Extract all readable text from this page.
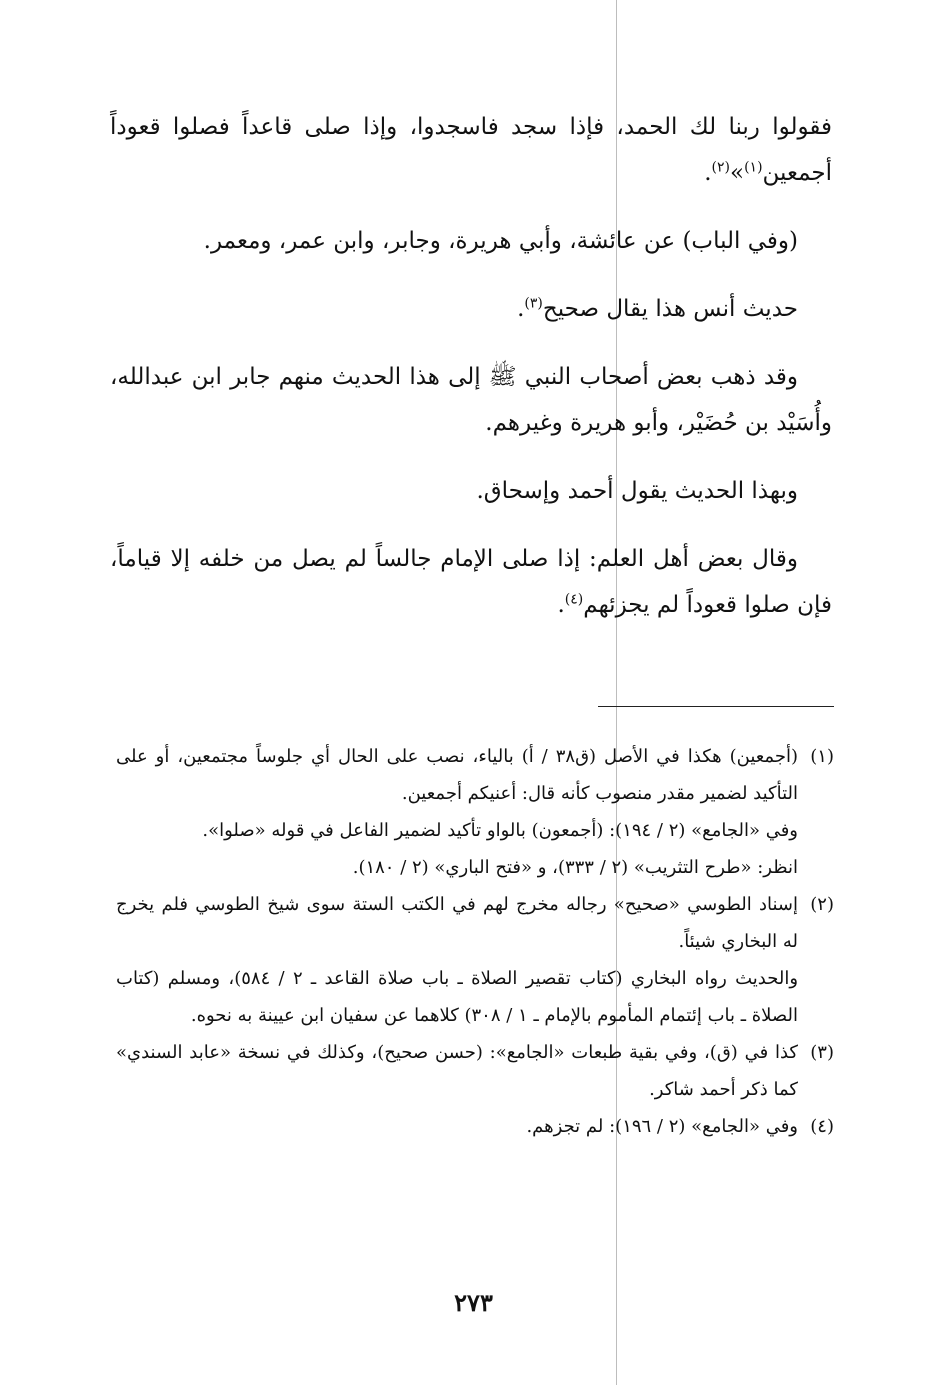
فقولوا ربنا لك الحمد، فإذا سجد فاسجدوا، وإذا صلى قاعداً فصلوا قعوداً أجمعين$^{(١)}$»$^{(٢)}$.

(وفي الباب) عن عائشة، وأبي هريرة، وجابر، وابن عمر، ومعمر.

حديث أنس هذا يقال صحيح$^{(٣)}$.

وقد ذهب بعض أصحاب النبي ﷺ إلى هذا الحديث منهم جابر ابن عبدالله، وأُسَيْد بن حُضَيْر، وأبو هريرة وغيرهم.

وبهذا الحديث يقول أحمد وإسحاق.

وقال بعض أهل العلم: إذا صلى الإمام جالساً لم يصل من خلفه إلا قياماً، فإن صلوا قعوداً لم يجزئهم$^{(٤)}$.

(١)

(أجمعين) هكذا في الأصل (ق٣٨ / أ) بالياء، نصب على الحال أي جلوساً مجتمعين، أو على التأكيد لضمير مقدر منصوب كأنه قال: أعنيكم أجمعين.

وفي «الجامع» (٢ / ١٩٤): (أجمعون) بالواو تأكيد لضمير الفاعل في قوله «صلوا».

انظر: «طرح التثريب» (٢ / ٣٣٣)، و «فتح الباري» (٢ / ١٨٠).

(٢)

إسناد الطوسي «صحيح» رجاله مخرج لهم في الكتب الستة سوى شيخ الطوسي فلم يخرج له البخاري شيئاً.

والحديث رواه البخاري (كتاب تقصير الصلاة ـ باب صلاة القاعد ـ ٢ / ٥٨٤)، ومسلم (كتاب الصلاة ـ باب إئتمام المأموم بالإمام ـ ١ / ٣٠٨) كلاهما عن سفيان ابن عيينة به نحوه.

(٣)

كذا في (ق)، وفي بقية طبعات «الجامع»: (حسن صحيح)، وكذلك في نسخة «عابد السندي» كما ذكر أحمد شاكر.

(٤)

وفي «الجامع» (٢ / ١٩٦): لم تجزهم.

٢٧٣
